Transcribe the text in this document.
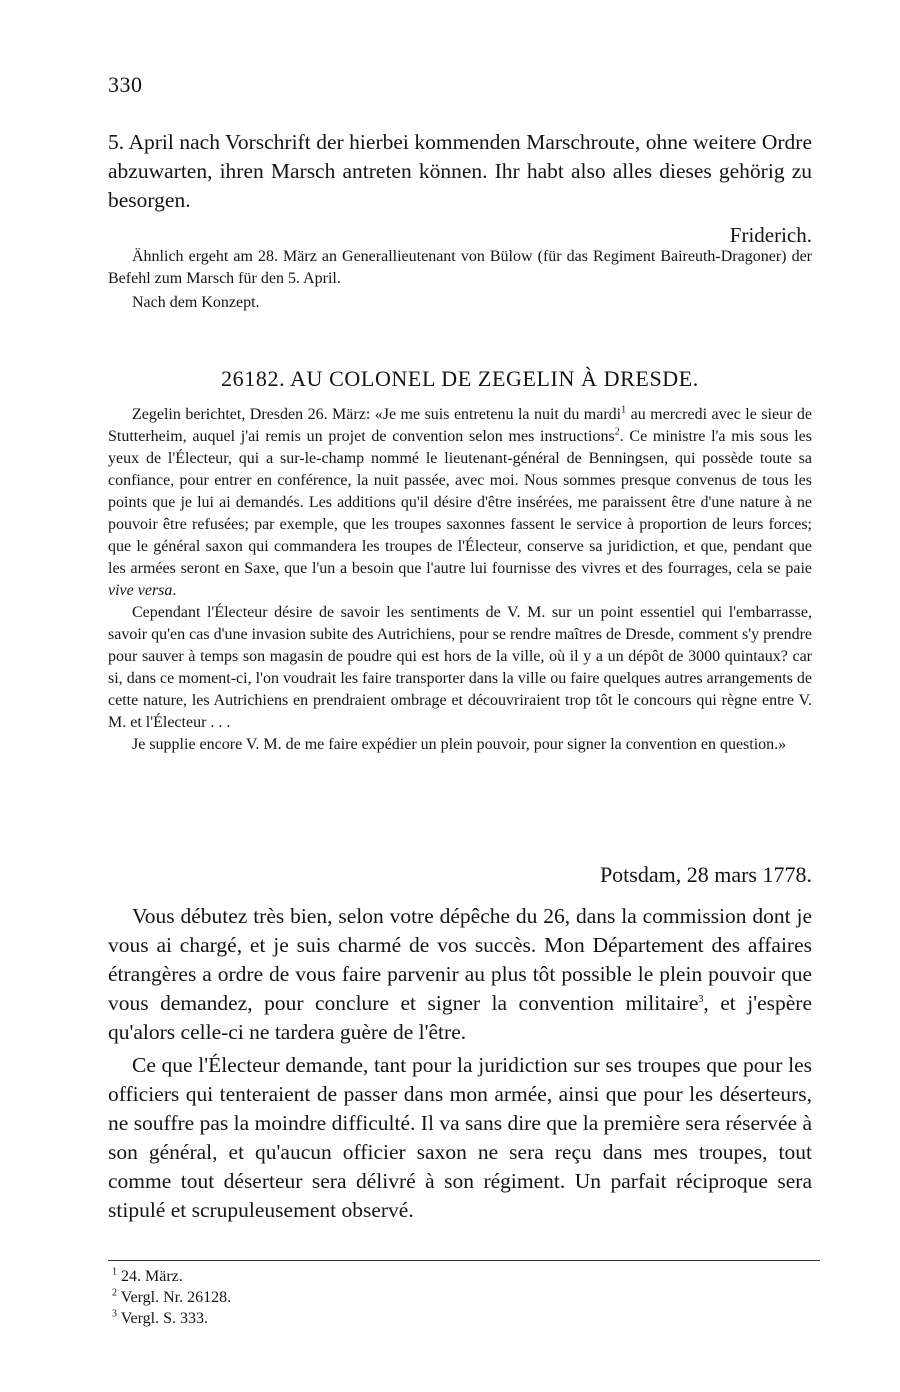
330

5. April nach Vorschrift der hierbei kommenden Marschroute, ohne weitere Ordre abzuwarten, ihren Marsch antreten können. Ihr habt also alles dieses gehörig zu besorgen.

Friderich.

Ähnlich ergeht am 28. März an Generallieutenant von Bülow (für das Regiment Baireuth-Dragoner) der Befehl zum Marsch für den 5. April.

Nach dem Konzept.

26182. AU COLONEL DE ZEGELIN À DRESDE.

Zegelin berichtet, Dresden 26. März: «Je me suis entretenu la nuit du mardi$^1$ au mercredi avec le sieur de Stutterheim, auquel j'ai remis un projet de convention selon mes instructions$^2$. Ce ministre l'a mis sous les yeux de l'Électeur, qui a sur-le-champ nommé le lieutenant-général de Benningsen, qui possède toute sa confiance, pour entrer en conférence, la nuit passée, avec moi. Nous sommes presque convenus de tous les points que je lui ai demandés. Les additions qu'il désire d'être insérées, me paraissent être d'une nature à ne pouvoir être refusées; par exemple, que les troupes saxonnes fassent le service à proportion de leurs forces; que le général saxon qui commandera les troupes de l'Électeur, conserve sa juridiction, et que, pendant que les armées seront en Saxe, que l'un a besoin que l'autre lui fournisse des vivres et des fourrages, cela se paie vive versa.

Cependant l'Électeur désire de savoir les sentiments de V. M. sur un point essentiel qui l'embarrasse, savoir qu'en cas d'une invasion subite des Autrichiens, pour se rendre maîtres de Dresde, comment s'y prendre pour sauver à temps son magasin de poudre qui est hors de la ville, où il y a un dépôt de 3000 quintaux? car si, dans ce moment-ci, l'on voudrait les faire transporter dans la ville ou faire quelques autres arrangements de cette nature, les Autrichiens en prendraient ombrage et découvriraient trop tôt le concours qui règne entre V. M. et l'Électeur . . .

Je supplie encore V. M. de me faire expédier un plein pouvoir, pour signer la convention en question.»

Potsdam, 28 mars 1778.

Vous débutez très bien, selon votre dépêche du 26, dans la commission dont je vous ai chargé, et je suis charmé de vos succès. Mon Département des affaires étrangères a ordre de vous faire parvenir au plus tôt possible le plein pouvoir que vous demandez, pour conclure et signer la convention militaire$^3$, et j'espère qu'alors celle-ci ne tardera guère de l'être.

Ce que l'Électeur demande, tant pour la juridiction sur ses troupes que pour les officiers qui tenteraient de passer dans mon armée, ainsi que pour les déserteurs, ne souffre pas la moindre difficulté. Il va sans dire que la première sera réservée à son général, et qu'aucun officier saxon ne sera reçu dans mes troupes, tout comme tout déserteur sera délivré à son régiment. Un parfait réciproque sera stipulé et scrupuleusement observé.

$^1$ 24. März.
$^2$ Vergl. Nr. 26128.
$^3$ Vergl. S. 333.
